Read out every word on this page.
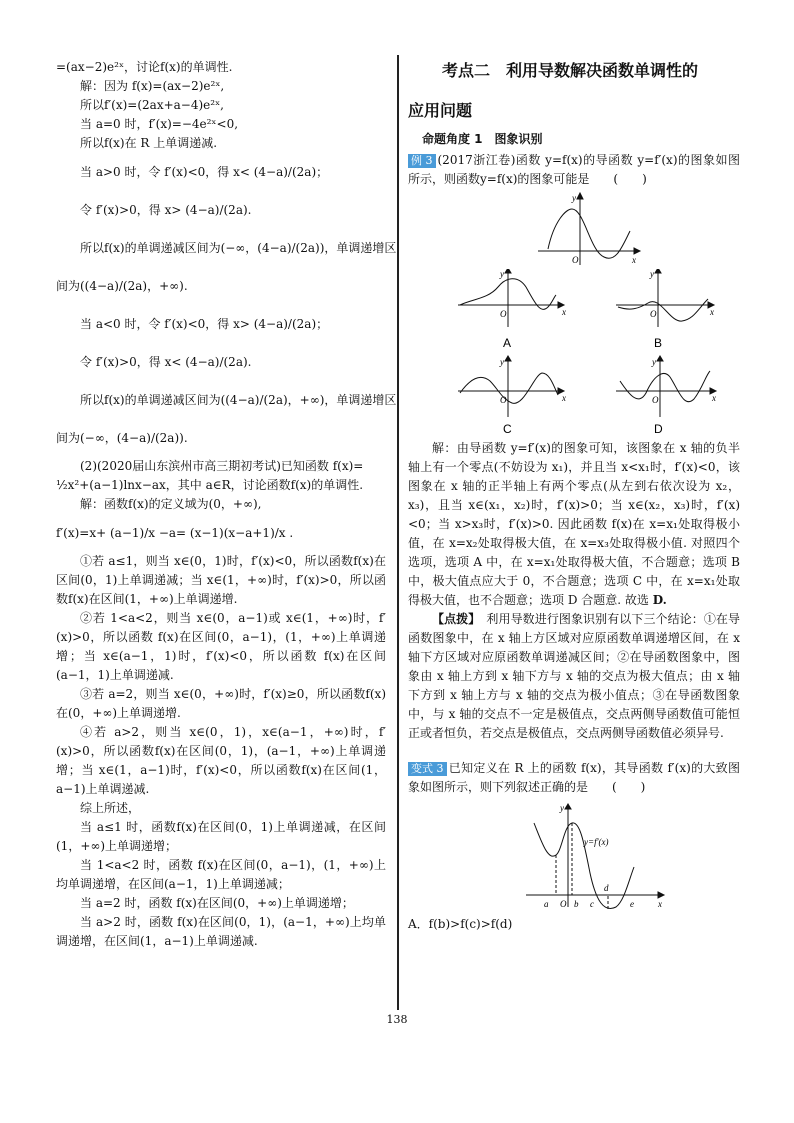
=(ax−2)e²ˣ，讨论f(x)的单调性.
解：因为 f(x)=(ax−2)e²ˣ,
所以f′(x)=(2ax+a−4)e²ˣ,
当 a=0 时，f′(x)=−4e²ˣ<0,
所以f(x)在 R 上单调递减.
当 a>0 时，令 f′(x)<0，得 x< (4−a)/(2a)；
令 f′(x)>0，得 x> (4−a)/(2a).
所以f(x)的单调递减区间为(−∞，(4−a)/(2a))，单调递增区
间为((4−a)/(2a)，+∞).
当 a<0 时，令 f′(x)<0，得 x> (4−a)/(2a)；
令 f′(x)>0，得 x< (4−a)/(2a).
所以f(x)的单调递减区间为((4−a)/(2a)，+∞)，单调递增区
间为(−∞，(4−a)/(2a)).
(2)(2020届山东滨州市高三期初考试)已知函数 f(x)=
½x²+(a−1)lnx−ax，其中 a∈R，讨论函数f(x)的单调性.
解：函数f(x)的定义域为(0，+∞),
f′(x)=x+ (a−1)/x −a= (x−1)(x−a+1)/x .
①若 a≤1，则当 x∈(0，1)时，f′(x)<0，所以函数f(x)在区间(0，1)上单调递减；当 x∈(1，+∞)时，f′(x)>0，所以函数f(x)在区间(1，+∞)上单调递增.
②若 1<a<2，则当 x∈(0，a−1)或 x∈(1，+∞)时，f′(x)>0，所以函数 f(x)在区间(0，a−1)，(1，+∞)上单调递增；当 x∈(a−1，1)时，f′(x)<0，所以函数 f(x)在区间(a−1，1)上单调递减.
③若 a=2，则当 x∈(0，+∞)时，f′(x)≥0，所以函数f(x)在(0，+∞)上单调递增.
④若 a>2，则当 x∈(0，1)，x∈(a−1，+∞)时，f′(x)>0，所以函数f(x)在区间(0，1)，(a−1，+∞)上单调递增；当 x∈(1，a−1)时，f′(x)<0，所以函数f(x)在区间(1，a−1)上单调递减.
综上所述，
当 a≤1 时，函数f(x)在区间(0，1)上单调递减，在区间(1，+∞)上单调递增；
当 1<a<2 时，函数 f(x)在区间(0，a−1)，(1，+∞)上均单调递增，在区间(a−1，1)上单调递减；
当 a=2 时，函数 f(x)在区间(0，+∞)上单调递增；
当 a>2 时，函数 f(x)在区间(0，1)，(a−1，+∞)上均单调递增，在区间(1，a−1)上单调递减.
考点二　利用导数解决函数单调性的
应用问题
命题角度 1　图象识别
例 3 (2017浙江卷)函数 y=f(x)的导函数 y=f′(x)的图象如图所示，则函数y=f(x)的图象可能是　　(　　)
y
O	x
y
O	x
y
O	x
y
O	x
y
O	x
A	B
C	D
解：由导函数 y=f′(x)的图象可知，该图象在 x 轴的负半轴上有一个零点(不妨设为 x₁)，并且当 x<x₁时，f′(x)<0，该图象在 x 轴的正半轴上有两个零点(从左到右依次设为 x₂，x₃)，且当 x∈(x₁，x₂)时，f′(x)>0；当 x∈(x₂，x₃)时，f′(x)<0；当 x>x₃时，f′(x)>0. 因此函数 f(x)在 x=x₁处取得极小值，在 x=x₂处取得极大值，在 x=x₃处取得极小值. 对照四个选项，选项 A 中，在 x=x₁处取得极大值，不合题意；选项 B 中，极大值点应大于 0，不合题意；选项 C 中，在 x=x₁处取得极大值，也不合题意；选项 D 合题意. 故选 D.
【点拨】　 利用导数进行图象识别有以下三个结论：①在导函数图象中，在 x 轴上方区域对应原函数单调递增区间，在 x 轴下方区域对应原函数单调递减区间；②在导函数图象中，图象由 x 轴上方到 x 轴下方与 x 轴的交点为极大值点；由 x 轴下方到 x 轴上方与 x 轴的交点为极小值点；③在导函数图象中，与 x 轴的交点不一定是极值点，交点两侧导函数值可能恒正或者恒负，若交点是极值点，交点两侧导函数值必须异号.
变式 3 已知定义在 R 上的函数 f(x)，其导函数 f′(x)的大致图象如图所示，则下列叙述正确的是　　(　　)
y
y=f′(x)
a O b c
d
e	x
A．f(b)>f(c)>f(d)
138
